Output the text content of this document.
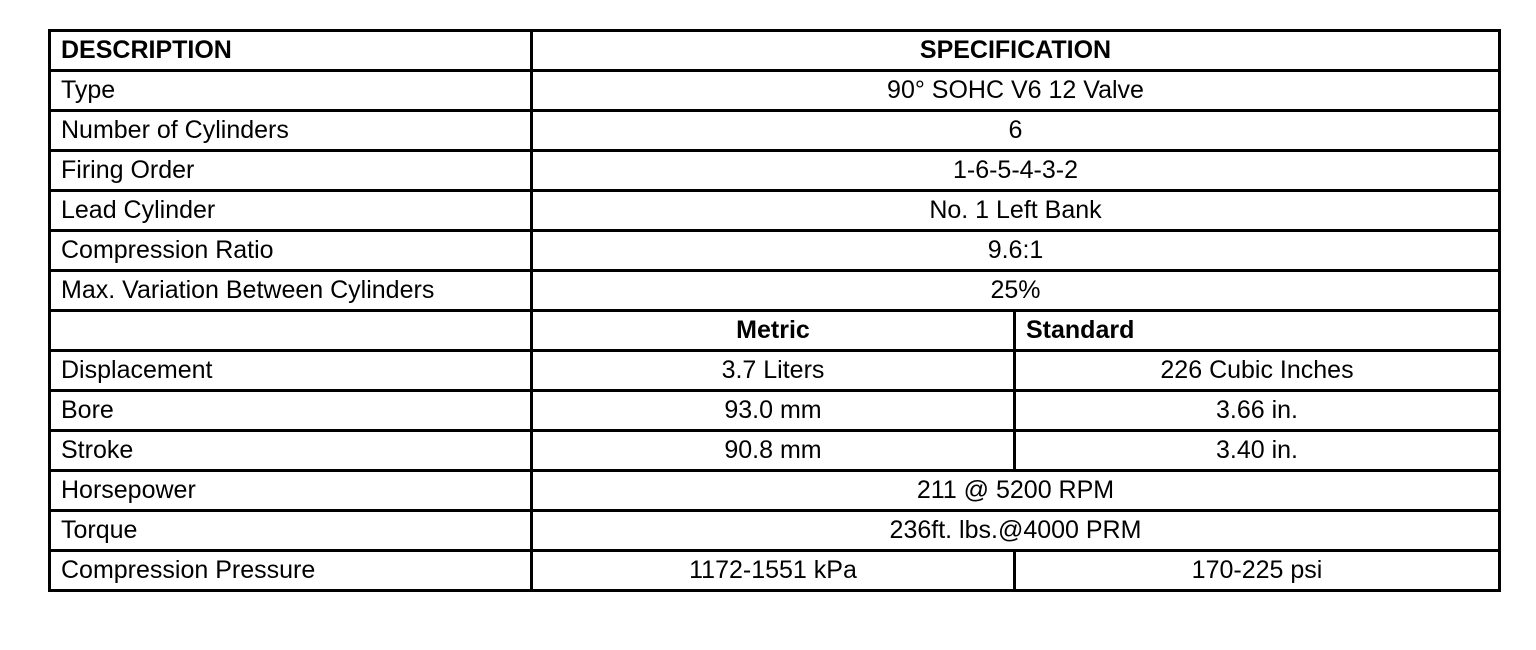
DESCRIPTION	SPECIFICATION	
Type	90° SOHC V6 12 Valve	
Number of Cylinders	6	
Firing Order	1-6-5-4-3-2	
Lead Cylinder	No. 1 Left Bank	
Compression Ratio	9.6:1	
Max. Variation Between Cylinders	25%	
	Metric	Standard
Displacement	3.7 Liters	226 Cubic Inches
Bore	93.0 mm	3.66 in.
Stroke	90.8 mm	3.40 in.
Horsepower	211 @ 5200 RPM	
Torque	236ft. lbs.@4000 PRM	
Compression Pressure	1172-1551 kPa	170-225 psi
